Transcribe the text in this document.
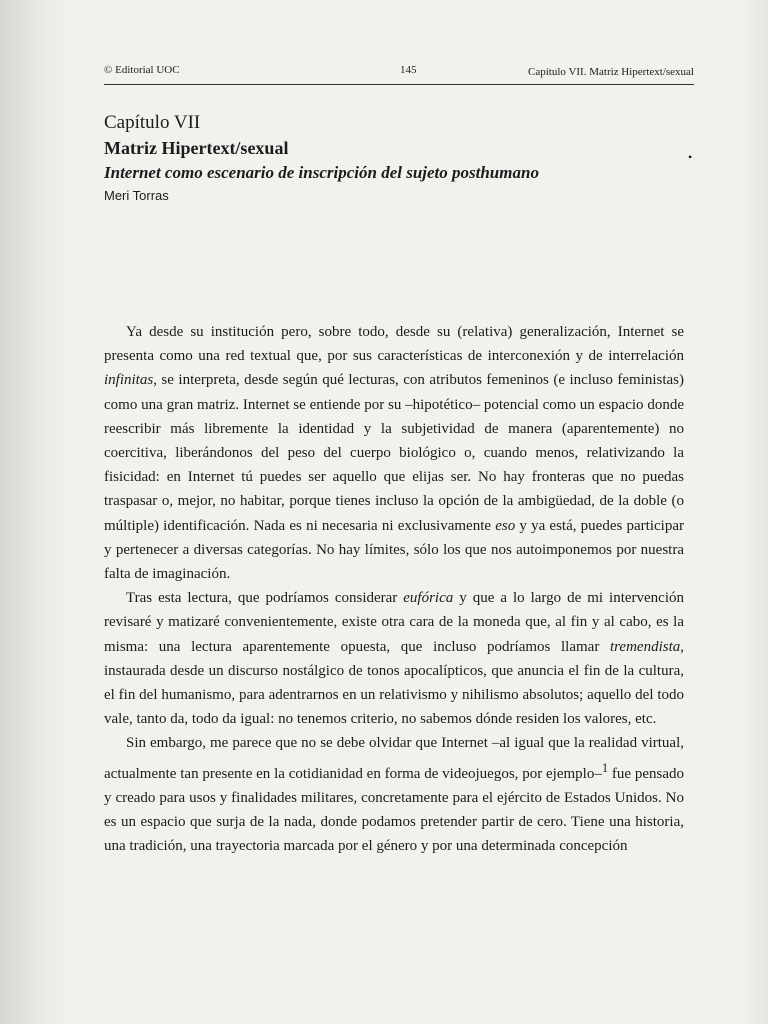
© Editorial UOC	145	Capítulo VII. Matriz Hipertext/sexual
Capítulo VII
Matriz Hipertext/sexual
Internet como escenario de inscripción del sujeto posthumano
Meri Torras
•

Ya desde su institución pero, sobre todo, desde su (relativa) generalización, Internet se presenta como una red textual que, por sus características de interconexión y de interrelación infinitas, se interpreta, desde según qué lecturas, con atributos femeninos (e incluso feministas) como una gran matriz. Internet se entiende por su –hipotético– potencial como un espacio donde reescribir más libremente la identidad y la subjetividad de manera (aparentemente) no coercitiva, liberándonos del peso del cuerpo biológico o, cuando menos, relativizando la fisicidad: en Internet tú puedes ser aquello que elijas ser. No hay fronteras que no puedas traspasar o, mejor, no habitar, porque tienes incluso la opción de la ambigüedad, de la doble (o múltiple) identificación. Nada es ni necesaria ni exclusivamente eso y ya está, puedes participar y pertenecer a diversas categorías. No hay límites, sólo los que nos autoimponemos por nuestra falta de imaginación.

Tras esta lectura, que podríamos considerar eufórica y que a lo largo de mi intervención revisaré y matizaré convenientemente, existe otra cara de la moneda que, al fin y al cabo, es la misma: una lectura aparentemente opuesta, que incluso podríamos llamar tremendista, instaurada desde un discurso nostálgico de tonos apocalípticos, que anuncia el fin de la cultura, el fin del humanismo, para adentrarnos en un relativismo y nihilismo absolutos; aquello del todo vale, tanto da, todo da igual: no tenemos criterio, no sabemos dónde residen los valores, etc.

Sin embargo, me parece que no se debe olvidar que Internet –al igual que la realidad virtual, actualmente tan presente en la cotidianidad en forma de videojuegos, por ejemplo–$^1$ fue pensado y creado para usos y finalidades militares, concretamente para el ejército de Estados Unidos. No es un espacio que surja de la nada, donde podamos pretender partir de cero. Tiene una historia, una tradición, una trayectoria marcada por el género y por una determinada concepción
